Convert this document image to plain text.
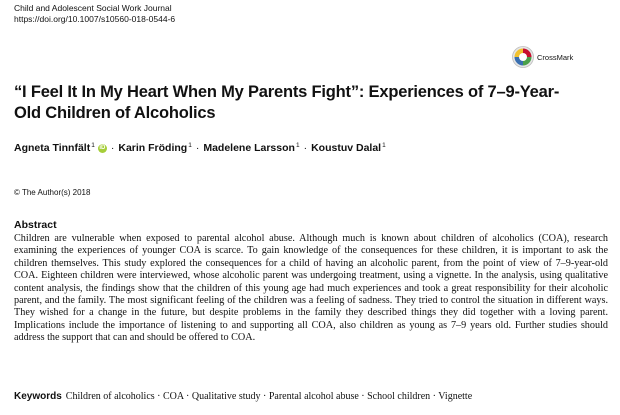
Child and Adolescent Social Work Journal
https://doi.org/10.1007/s10560-018-0544-6
CrossMark
“I Feel It In My Heart When My Parents Fight”: Experiences of 7–9-Year-Old Children of Alcoholics
Agneta Tinnfält$^1$ iD · Karin Fröding$^1$ · Madelene Larsson$^1$ · Koustuv Dalal$^1$
© The Author(s) 2018
Abstract
Children are vulnerable when exposed to parental alcohol abuse. Although much is known about children of alcoholics (COA), research examining the experiences of younger COA is scarce. To gain knowledge of the consequences for these children, it is important to ask the children themselves. This study explored the consequences for a child of having an alcoholic parent, from the point of view of 7–9-year-old COA. Eighteen children were interviewed, whose alcoholic parent was undergoing treatment, using a vignette. In the analysis, using qualitative content analysis, the findings show that the children of this young age had much experiences and took a great responsibility for their alcoholic parent, and the family. The most significant feeling of the children was a feeling of sadness. They tried to control the situation in different ways. They wished for a change in the future, but despite problems in the family they described things they did together with a loving parent. Implications include the importance of listening to and supporting all COA, also children as young as 7–9 years old. Further studies should address the support that can and should be offered to COA.
Keywords Children of alcoholics · COA · Qualitative study · Parental alcohol abuse · School children · Vignette
